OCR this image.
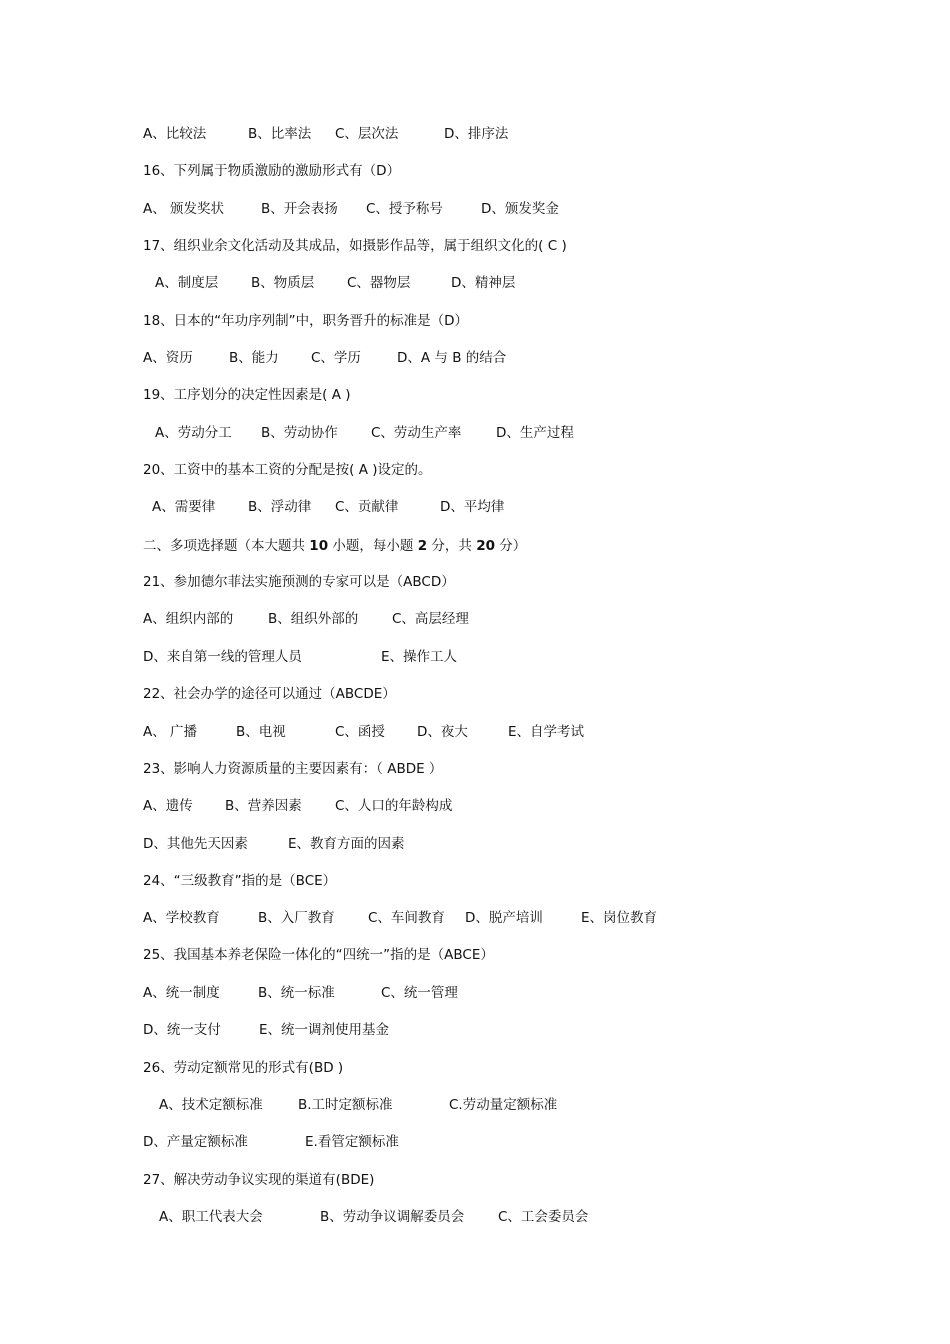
A、比较法	B、比率法 C、层次法	D、排序法
16、下列属于物质激励的激励形式有（D）
A、 颁发奖状	B、开会表扬 C、授予称号	D、颁发奖金
17、组织业余文化活动及其成品，如摄影作品等，属于组织文化的( C )
A、制度层 B、物质层 C、器物层	D、精神层
18、日本的“年功序列制”中，职务晋升的标准是（D）
A、资历	B、能力 C、学历	D、A 与 B 的结合
19、工序划分的决定性因素是( A )
A、劳动分工 B、劳动协作 C、劳动生产率	D、生产过程
20、工资中的基本工资的分配是按( A )设定的。
A、需要律 B、浮动律 C、贡献律	D、平均律
二、多项选择题（本大题共 10 小题，每小题 2 分，共 20 分）
21、参加德尔菲法实施预测的专家可以是（ABCD）
A、组织内部的	B、组织外部的 C、高层经理
D、来自第一线的管理人员	E、操作工人
22、社会办学的途径可以通过（ABCDE）
A、 广播	B、电视	C、函授 D、夜大	E、自学考试
23、影响人力资源质量的主要因素有：（ ABDE ）
A、遗传 B、营养因素 C、人口的年龄构成
D、其他先天因素	E、教育方面的因素
24、“三级教育”指的是（BCE）
A、学校教育	B、入厂教育 C、车间教育 D、脱产培训	E、岗位教育
25、我国基本养老保险一体化的“四统一”指的是（ABCE）
A、统一制度	B、统一标准	C、统一管理
D、统一支付	E、统一调剂使用基金
26、劳动定额常见的形式有(BD )
A、技术定额标准	B.工时定额标准	C.劳动量定额标准
D、产量定额标准	E.看管定额标准
27、解决劳动争议实现的渠道有(BDE)
A、职工代表大会	B、劳动争议调解委员会 C、工会委员会
